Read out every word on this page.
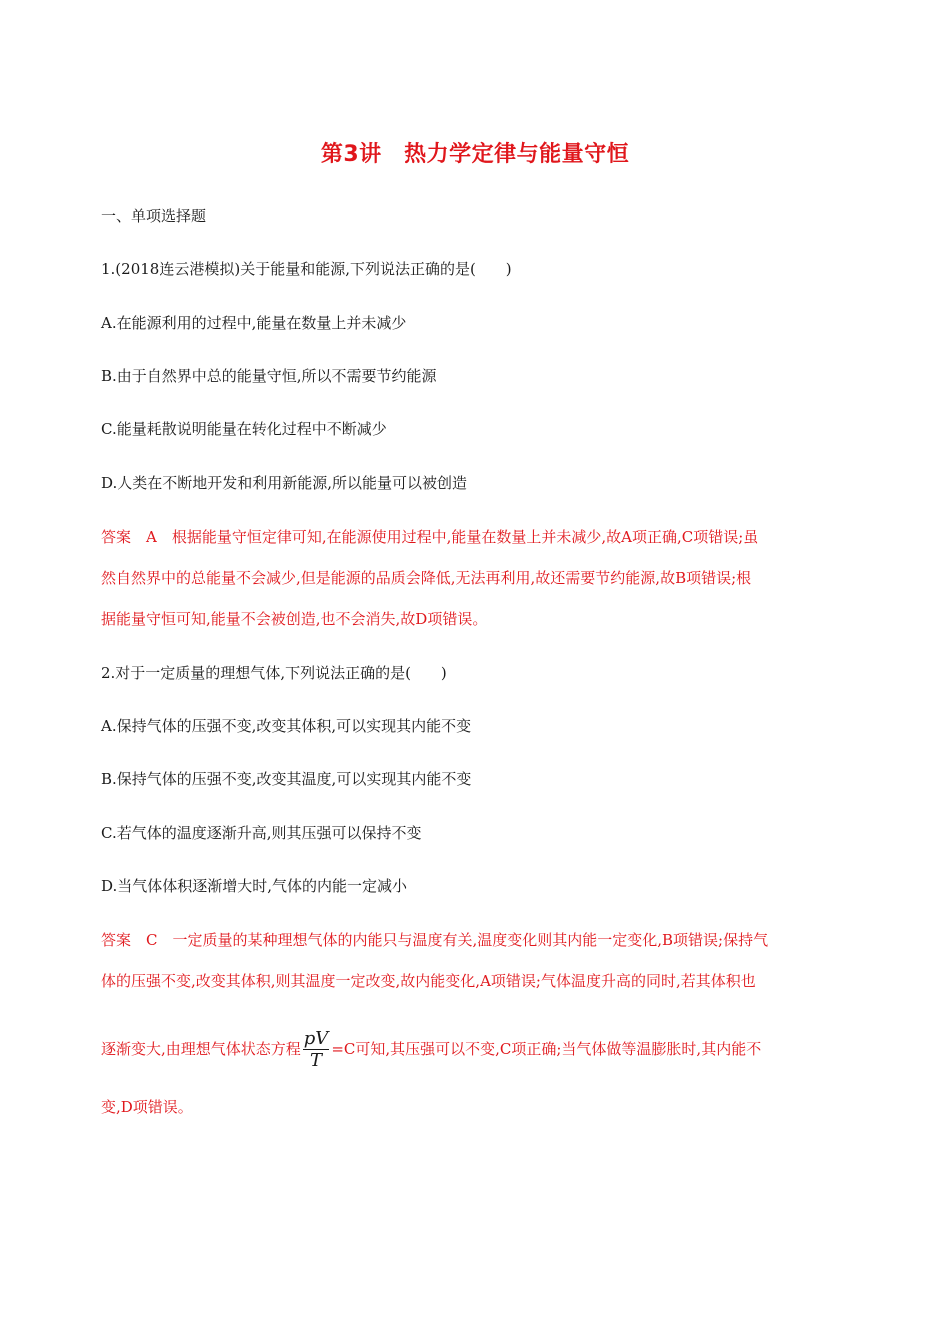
第3讲　热力学定律与能量守恒
一、单项选择题
1.(2018连云港模拟)关于能量和能源,下列说法正确的是(　　)
A.在能源利用的过程中,能量在数量上并未减少
B.由于自然界中总的能量守恒,所以不需要节约能源
C.能量耗散说明能量在转化过程中不断减少
D.人类在不断地开发和利用新能源,所以能量可以被创造
答案　A　根据能量守恒定律可知,在能源使用过程中,能量在数量上并未减少,故A项正确,C项错误;虽
然自然界中的总能量不会减少,但是能源的品质会降低,无法再利用,故还需要节约能源,故B项错误;根
据能量守恒可知,能量不会被创造,也不会消失,故D项错误。
2.对于一定质量的理想气体,下列说法正确的是(　　)
A.保持气体的压强不变,改变其体积,可以实现其内能不变
B.保持气体的压强不变,改变其温度,可以实现其内能不变
C.若气体的温度逐渐升高,则其压强可以保持不变
D.当气体体积逐渐增大时,气体的内能一定减小
答案　C　一定质量的某种理想气体的内能只与温度有关,温度变化则其内能一定变化,B项错误;保持气
体的压强不变,改变其体积,则其温度一定改变,故内能变化,A项错误;气体温度升高的同时,若其体积也
逐渐变大,由理想气体状态方程 $\frac{pV}{T} =C$可知,其压强可以不变,C项正确;当气体做等温膨胀时,其内能不
变,D项错误。
